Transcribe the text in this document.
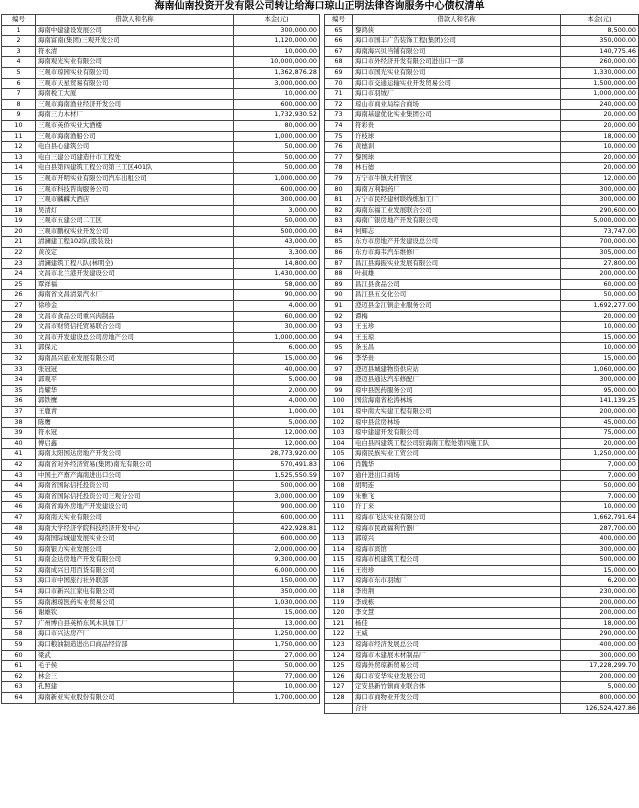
海南仙南投资开发有限公司转让给海口琼山正明法律咨询服务中心债权清单
编号	借款人和名称	本金(元)
1	海南中建建设发展公司	300,000.00
2	海南富南(集团)三观开发公司	1,120,000.00
3	符永清	10,000.00
4	海南观光实业有限公司	10,000,000.00
5	三观市琼园实业有限公司	1,362,876.28
6	三观市天星贸易有限公司	3,000,000.00
7	海南税工大厦	10,000.00
8	三观市海南渔业经济开发公司	600,000.00
9	海南三力木材厂	1,732,930.52
10	三观市英侨实业大酒楼	80,000.00
11	三观市海南渔船公司	1,000,000.00
12	电白县心建筑公司	50,000.00
13	电白三建公司建造什市工程处	50,000.00
14	电白县第四建筑工程公司第三工区401队	50,000.00
15	三观市开明实业有限公司汽车出租公司	1,000,000.00
16	三观市科技咨询服务公司	600,000.00
17	三观市麟麟大酒店	300,000.00
18	吴清灯	3,000.00
19	三观市五建公司二工区	50,000.00
20	三观市鹏权实业开发公司	500,000.00
21	清澜建工程102队(股装设)	43,000.00
22	黄茂定	3,300.00
23	清澜建筑工程八队(林明全)	14,800.00
24	文昌市北兰港开发建设公司	1,430,000.00
25	覃祥福	58,000.00
26	海南省文昌清景汽水厂	90,000.00
27	徐珍金	4,000.00
28	文昌市食品公司重兴肉制品	60,000.00
29	文昌市财贸信托贸易联合公司	30,000.00
30	文昌市开发建设总公司房地产公司	1,000,000.00
31	郭保元	6,000.00
32	海南昌兴旅业发展有限公司	15,000.00
33	张冠冠	40,000.00
34	郭观平	5,000.00
35	肖耀华	2,000.00
36	郭铁鹰	4,000.00
37	王鹿青	1,000.00
38	陈鹰	5,000.00
39	符永冠	12,000.00
40	傅启鑫	12,000.00
41	海南太阳国达房地产开发公司	28,773,920.00
42	海南省对外经济贸易(集团)南光有限公司	570,491.83
43	中国土产畜产海南进出口公司	1,525,550.59
44	海南省国际信托投资公司	500,000.00
45	海南省国际信托投资公司三观分公司	3,000,000.00
46	海南省海外房地产开发建设公司	900,000.00
47	海南南天实业有限公司	600,000.00
48	海南大学经济学院科技经济开发中心	422,928.81
49	海南国际城建发展实业公司	600,000.00
50	海南银力实业发展公司	2,000,000.00
51	海南金达房地产开发有限公司	9,300,000.00
52	海南成兴日用百货有限公司	6,000,000.00
53	海口市中国旅行社外联部	150,000.00
54	海口市新兴江家电有限公司	350,000.00
55	海南湘琼医药实业贸易公司	1,030,000.00
56	谢雄钦	15,000.00
57	广州博自县英桥东风木具加工厂	13,000.00
58	海口市兴达房产厂	1,250,000.00
59	海口粮油制造进出口商品经营部	1,750,000.00
60	梁武	27,000.00
61	毛子侯	50,000.00
62	林会三	77,000.00
63	孔照建	10,000.00
64	海南新亚实业股份有限公司	1,700,000.00
编号	借款人和名称	本金(元)
65	黎鸿侠	8,500.00
66	海口市国丰广告装饰工程(集团)公司	350,000.00
67	海南海兴贝当铺有限公司	140,775.46
68	海口市外经济开发有限公司进出口一部	260,000.00
69	海口市国光实业有限公司	1,330,000.00
70	海口市交通运输实业开发贸易公司	1,500,000.00
71	海口市羽绒厂	1,000,000.00
72	琼山市商业局综合商场	240,000.00
73	海南基建优化实业集团公司	20,000.00
74	符彩贵	20,000.00
75	许枝球	18,000.00
76	黄德训	10,000.00
77	黎国球	20,000.00
78	林石德	20,000.00
79	万宁市牛镇大杆管区	12,000.00
80	海南万利制药厂	300,000.00
81	万宁市民经建材联线炼加工厂	300,000.00
82	海南东福工业发展联合公司	290,600.00
83	海南广银房地产开发有限公司	5,000,000.00
84	何辉志	73,747.00
85	东方市房地产开发建设总公司	700,000.00
86	东方市海韦汽车维修厂	305,000.00
87	昌江县海振实业发展有限公司	27,800.00
88	叶叔雄	200,000.00
89	昌江县食品公司	60,000.00
90	昌江县五交化公司	50,000.00
91	澄迈县金江镇企业服务公司	1,692,277.00
92	谭梅	20,000.00
93	王玉珍	10,000.00
94	王玉琼	15,000.00
95	条玉昌	10,000.00
96	李华贵	15,000.00
97	澄迈县城建物资供应站	1,060,000.00
98	澄迈县通达汽车修配厂	300,000.00
99	琼中县医药服务公司	95,000.00
100	国营海南省松涛林场	141,139.25
101	琼中南大实建工程有限公司	200,000.00
102	琼中县营房林场	45,000.00
103	琼中建建开发有限公司	75,000.00
104	电白县四建筑工程公司驻海南工程处第四施工队	20,000.00
105	海南民族实业工贸公司	1,250,000.00
106	肖魏华	7,000.00
107	通什进出口商场	7,000.00
108	胡明连	50,000.00
109	朱雅飞	7,000.00
110	许丁来	10,000.00
111	琼海市飞达实业有限公司	1,662,791.64
112	琼海市民政福利竹器厂	287,700.00
113	郭琼兴	400,000.00
114	琼海市宾馆	300,000.00
115	琼海市机建筑工程公司	500,000.00
116	王贵珍	15,000.00
117	琼海市东市羽绒厂	6,200.00
118	李贵荆	230,000.00
119	李成栋	200,000.00
120	李文慧	200,000.00
121	杨佳	18,000.00
122	王威	290,000.00
123	琼海市经济发展总公司	400,000.00
124	琼海市木建展木材制品厂	300,000.00
125	琼海外贸琼新贸易公司	17,228,299.70
126	海口市安华实业发展公司	200,000.00
127	定安县新竹镇商业联合体	5,000.00
128	海口市商物业开发公司	800,000.00
	合计	126,524,427.86
